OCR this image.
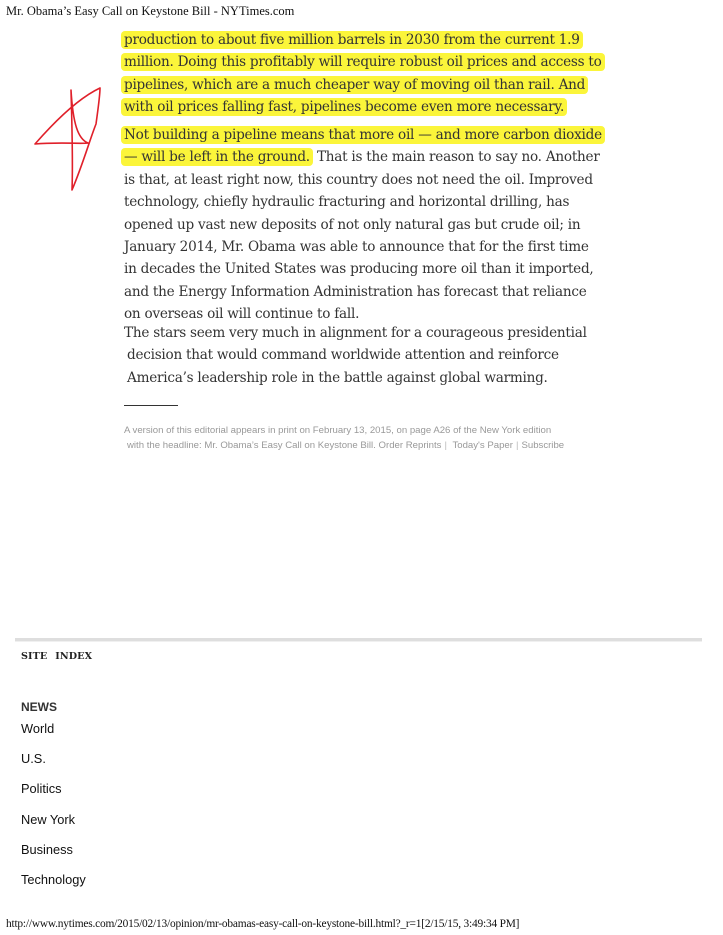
Mr. Obama’s Easy Call on Keystone Bill - NYTimes.com

production to about five million barrels in 2030 from the current 1.9
million. Doing this profitably will require robust oil prices and access to
pipelines, which are a much cheaper way of moving oil than rail. And
with oil prices falling fast, pipelines become even more necessary.

Not building a pipeline means that more oil — and more carbon dioxide
— will be left in the ground. That is the main reason to say no. Another
is that, at least right now, this country does not need the oil. Improved
technology, chiefly hydraulic fracturing and horizontal drilling, has
opened up vast new deposits of not only natural gas but crude oil; in
January 2014, Mr. Obama was able to announce that for the first time
in decades the United States was producing more oil than it imported,
and the Energy Information Administration has forecast that reliance
on overseas oil will continue to fall.

The stars seem very much in alignment for a courageous presidential
decision that would command worldwide attention and reinforce
America’s leadership role in the battle against global warming.

A version of this editorial appears in print on February 13, 2015, on page A26 of the New York edition
with the headline: Mr. Obama’s Easy Call on Keystone Bill. Order Reprints | Today's Paper | Subscribe
SITE INDEX
NEWS
World
U.S.
Politics
New York
Business
Technology
http://www.nytimes.com/2015/02/13/opinion/mr-obamas-easy-call-on-keystone-bill.html?_r=1[2/15/15, 3:49:34 PM]
